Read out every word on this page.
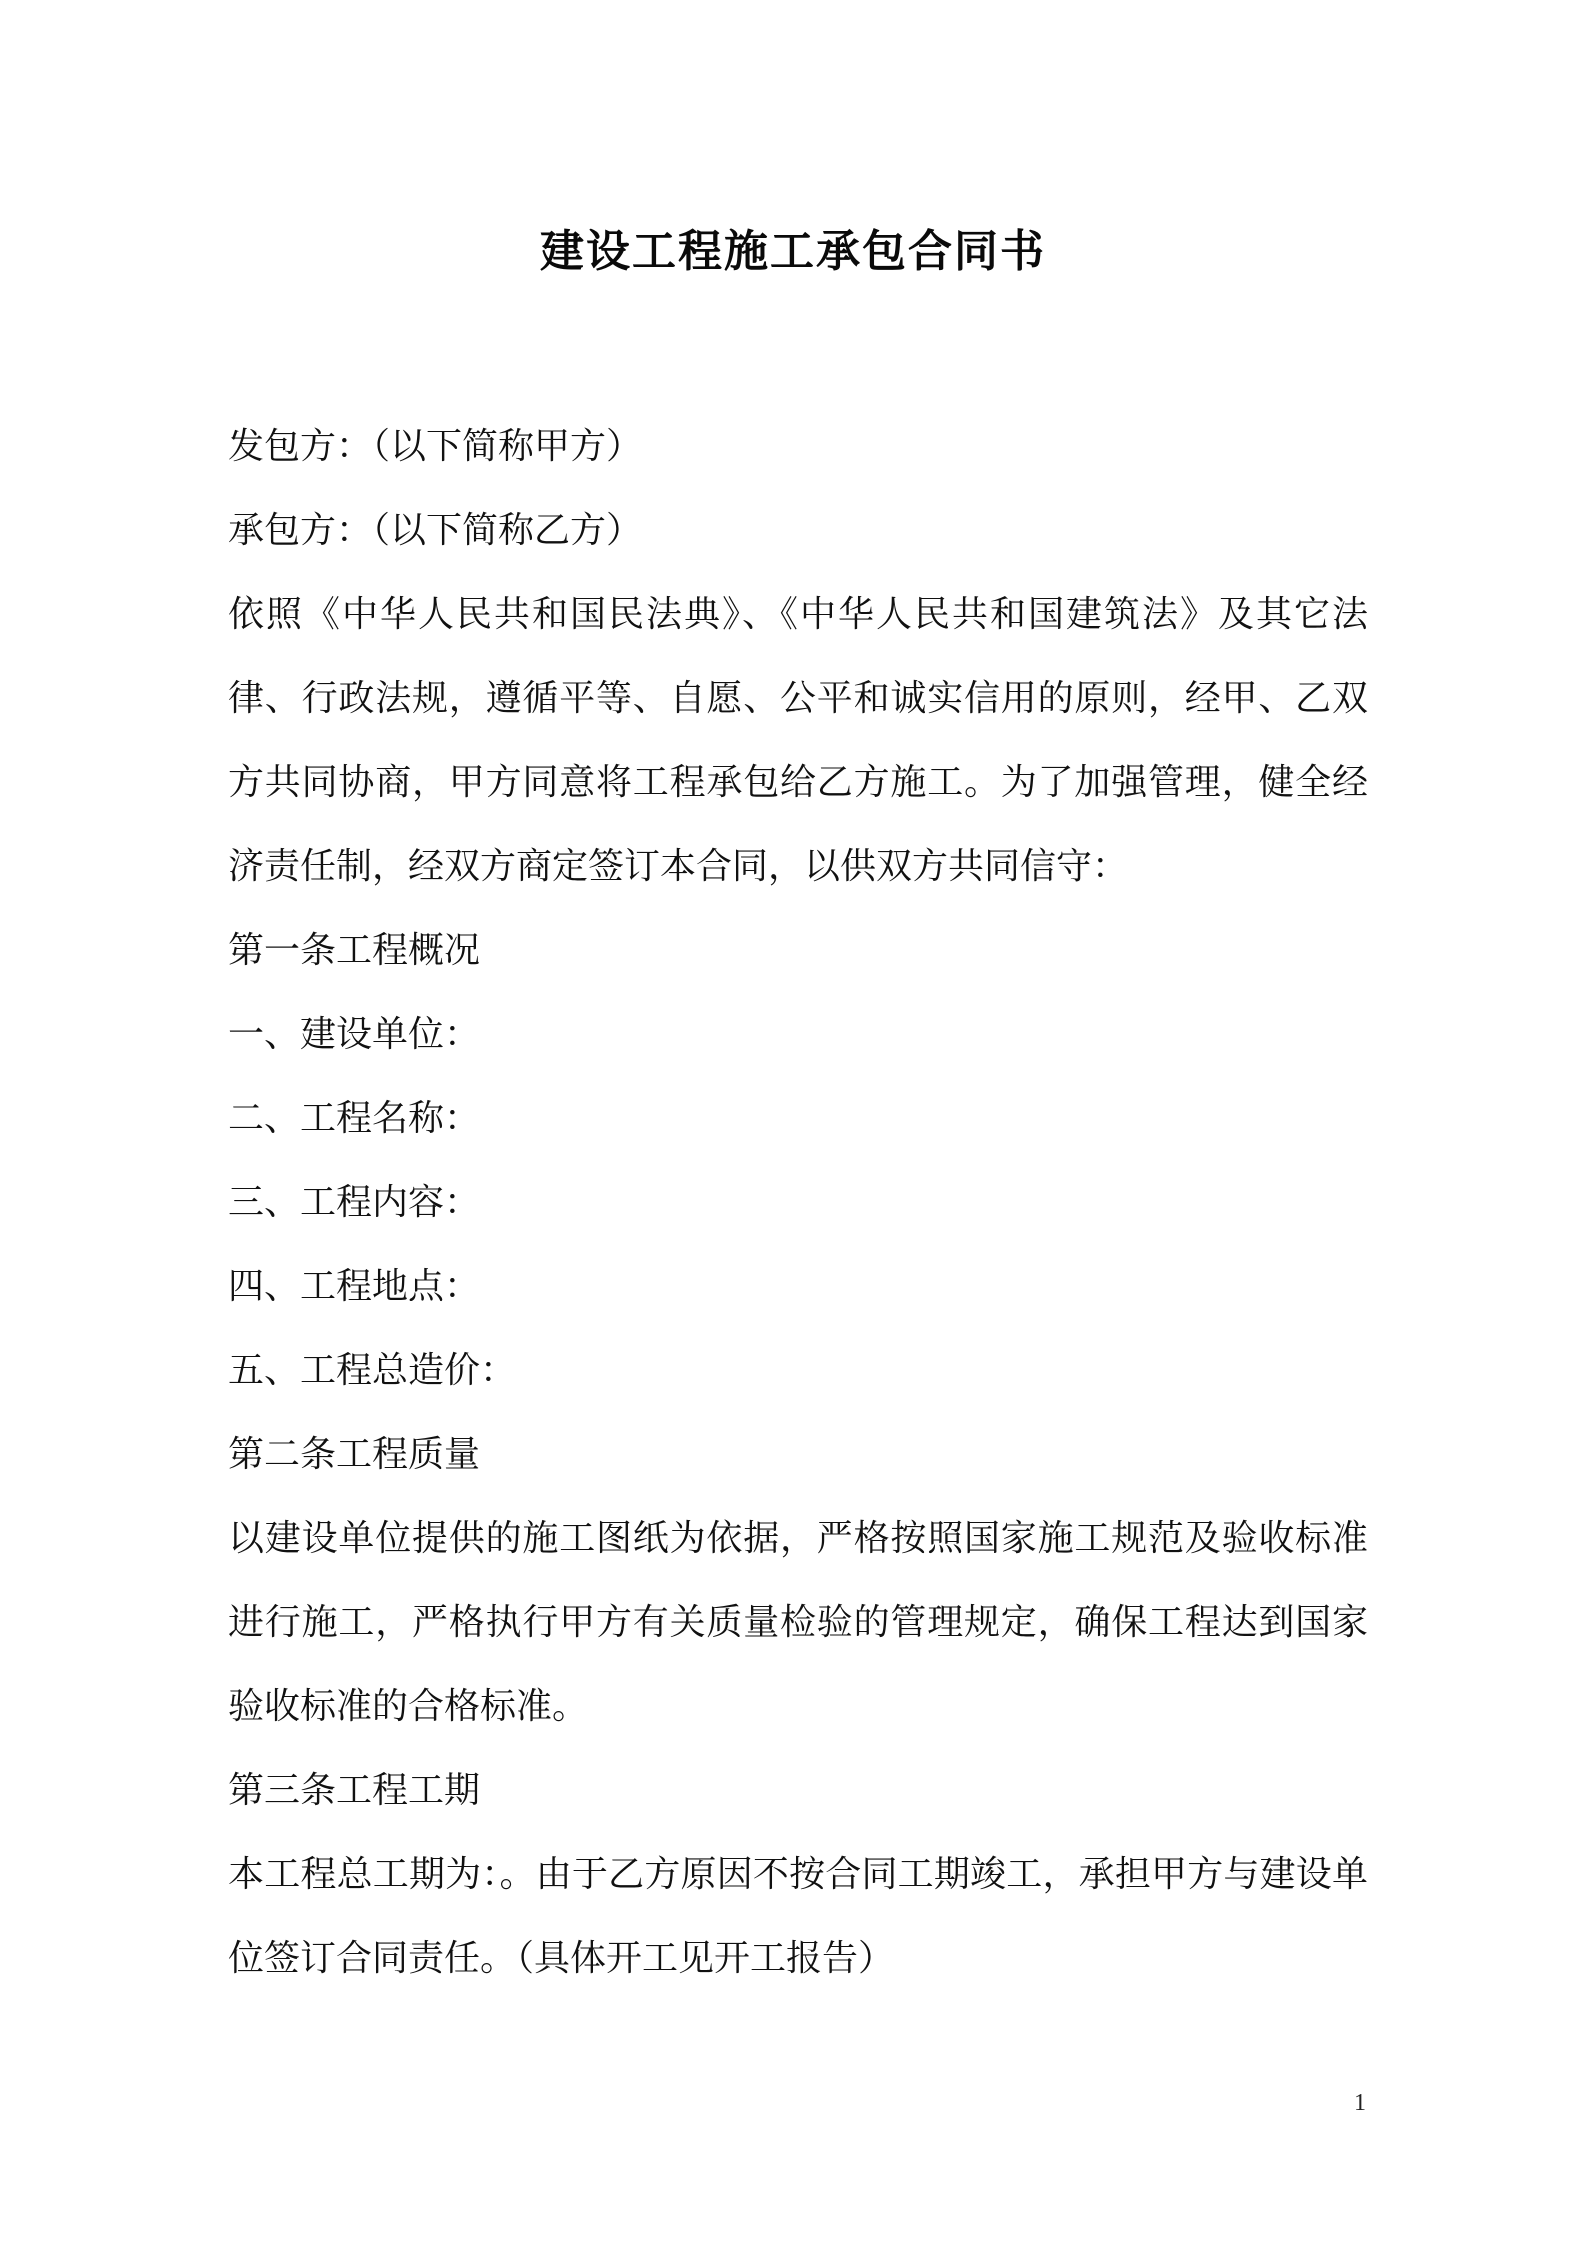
建设工程施工承包合同书

发包方：（以下简称甲方）

承包方：（以下简称乙方）

依照《中华人民共和国民法典》、《中华人民共和国建筑法》及其它法律、行政法规，遵循平等、自愿、公平和诚实信用的原则，经甲、乙双方共同协商，甲方同意将工程承包给乙方施工。为了加强管理，健全经济责任制，经双方商定签订本合同，以供双方共同信守：

第一条工程概况

一、建设单位：

二、工程名称：

三、工程内容：

四、工程地点：

五、工程总造价：

第二条工程质量

以建设单位提供的施工图纸为依据，严格按照国家施工规范及验收标准进行施工，严格执行甲方有关质量检验的管理规定，确保工程达到国家验收标准的合格标准。

第三条工程工期

本工程总工期为：。由于乙方原因不按合同工期竣工，承担甲方与建设单位签订合同责任。（具体开工见开工报告）

1
